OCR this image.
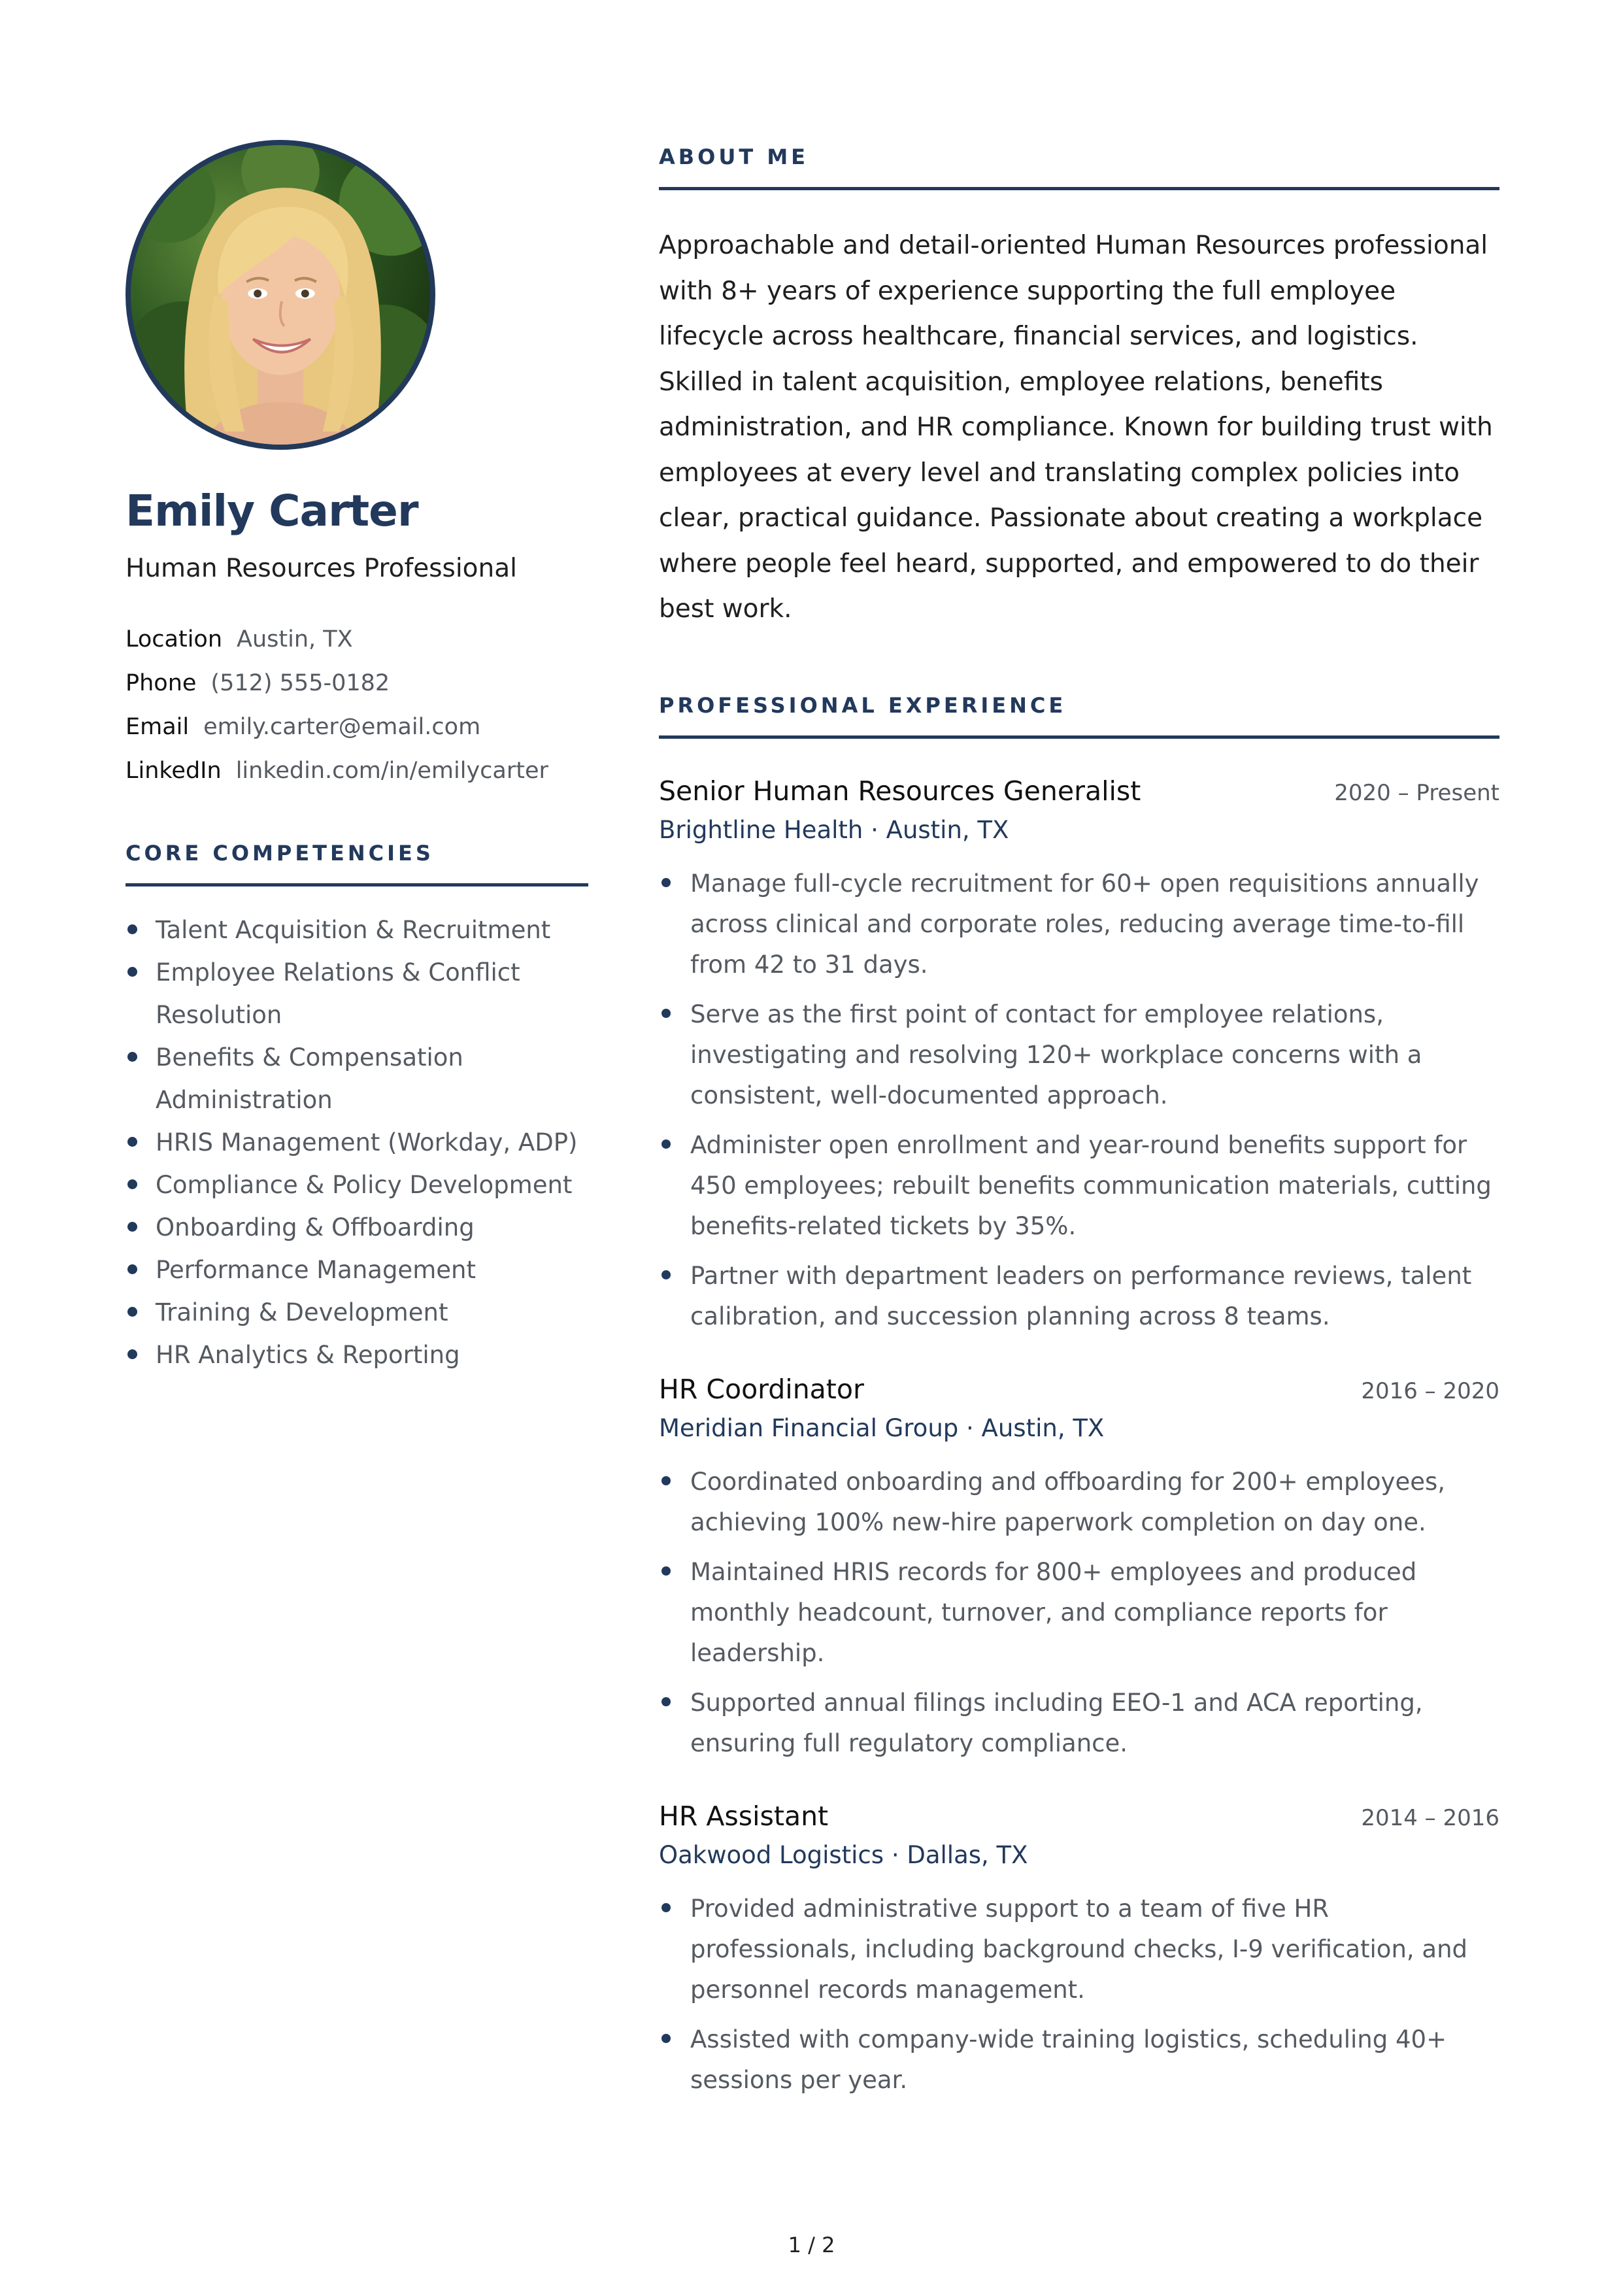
Emily Carter
Human Resources Professional
Location Austin, TX
Phone (512) 555-0182
Email emily.carter@email.com
LinkedIn linkedin.com/in/emilycarter
CORE COMPETENCIES
Talent Acquisition & Recruitment
Employee Relations & Conflict Resolution
Benefits & Compensation Administration
HRIS Management (Workday, ADP)
Compliance & Policy Development
Onboarding & Offboarding
Performance Management
Training & Development
HR Analytics & Reporting
ABOUT ME
Approachable and detail-oriented Human Resources professional with 8+ years of experience supporting the full employee lifecycle across healthcare, financial services, and logistics. Skilled in talent acquisition, employee relations, benefits administration, and HR compliance. Known for building trust with employees at every level and translating complex policies into clear, practical guidance. Passionate about creating a workplace where people feel heard, supported, and empowered to do their best work.
PROFESSIONAL EXPERIENCE
Senior Human Resources Generalist	2020 – Present
Brightline Health · Austin, TX
Manage full-cycle recruitment for 60+ open requisitions annually across clinical and corporate roles, reducing average time-to-fill from 42 to 31 days.
Serve as the first point of contact for employee relations, investigating and resolving 120+ workplace concerns with a consistent, well-documented approach.
Administer open enrollment and year-round benefits support for 450 employees; rebuilt benefits communication materials, cutting benefits-related tickets by 35%.
Partner with department leaders on performance reviews, talent calibration, and succession planning across 8 teams.
HR Coordinator	2016 – 2020
Meridian Financial Group · Austin, TX
Coordinated onboarding and offboarding for 200+ employees, achieving 100% new-hire paperwork completion on day one.
Maintained HRIS records for 800+ employees and produced monthly headcount, turnover, and compliance reports for leadership.
Supported annual filings including EEO-1 and ACA reporting, ensuring full regulatory compliance.
HR Assistant	2014 – 2016
Oakwood Logistics · Dallas, TX
Provided administrative support to a team of five HR professionals, including background checks, I-9 verification, and personnel records management.
Assisted with company-wide training logistics, scheduling 40+ sessions per year.
1 / 2
